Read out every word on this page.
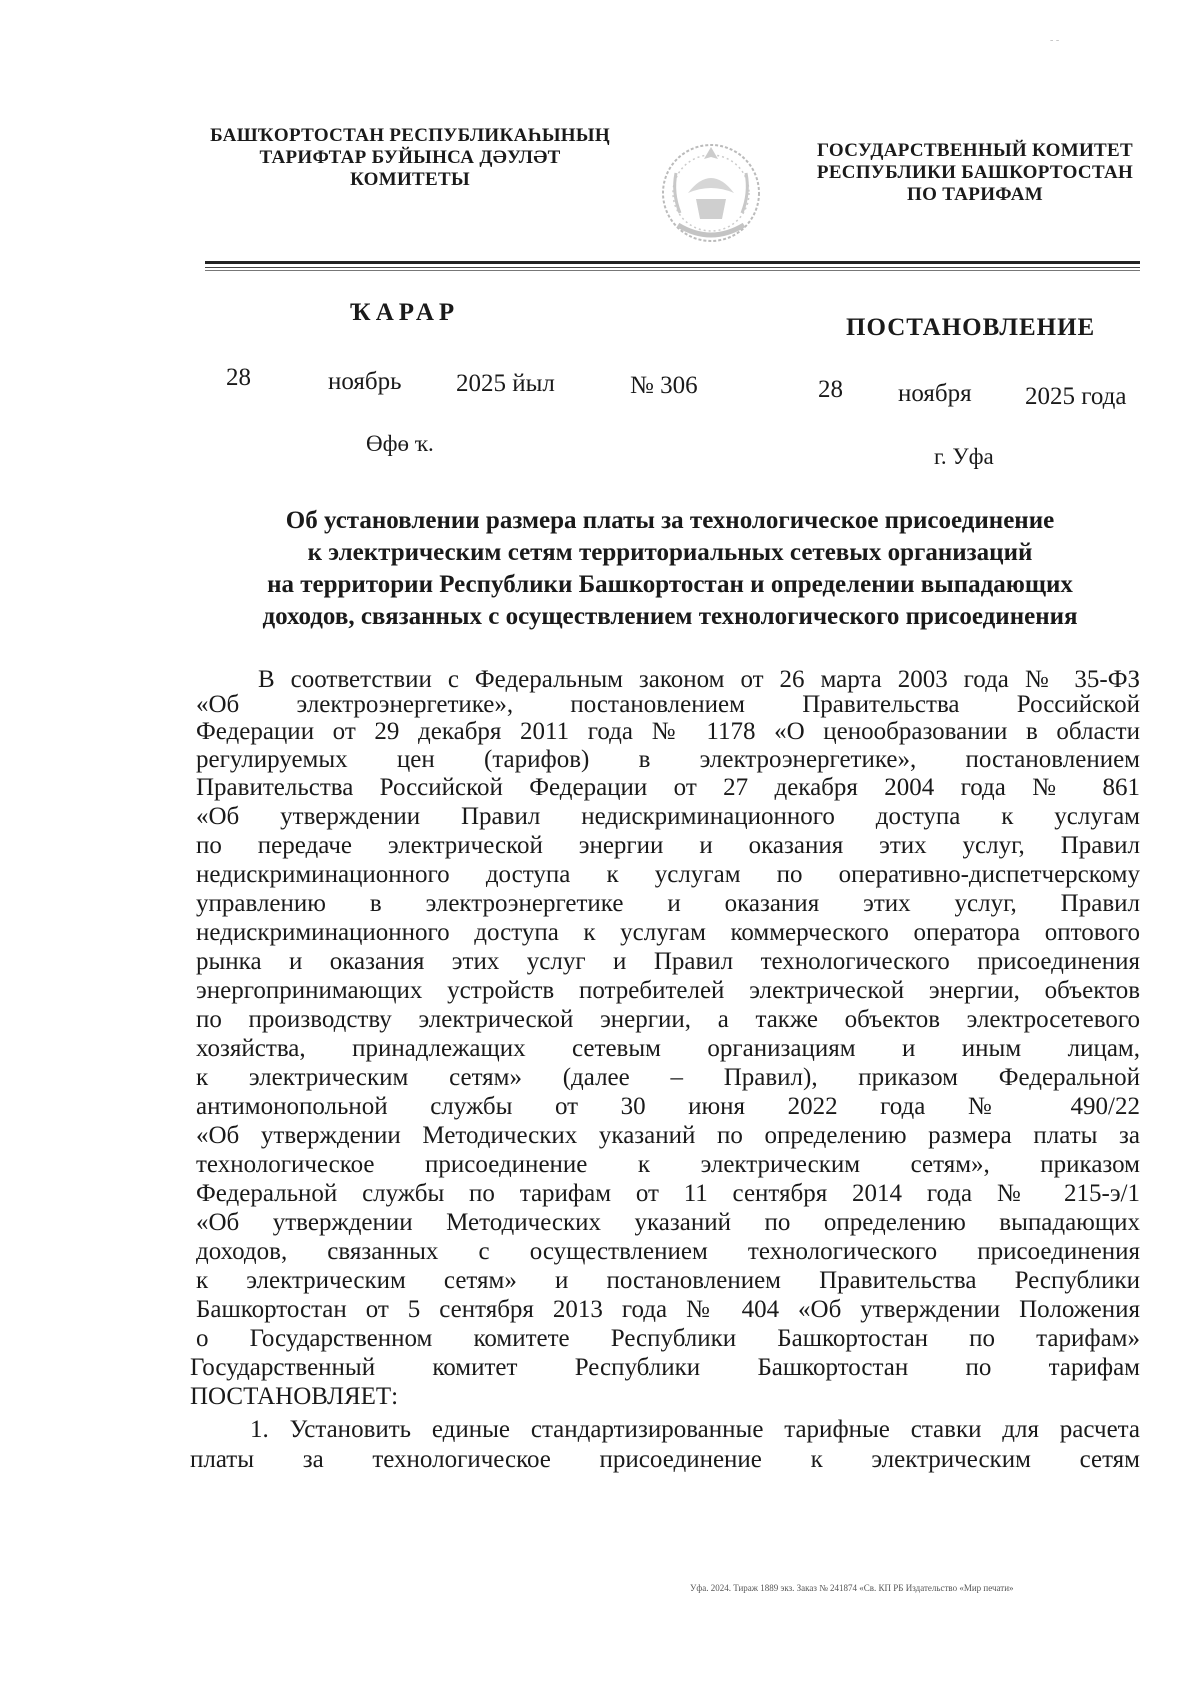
- -
БАШҠОРТОСТАН РЕСПУБЛИКАҺЫНЫҢ
ТАРИФТАР БУЙЫНСА ДӘУЛӘТ
КОМИТЕТЫ
ГОСУДАРСТВЕННЫЙ КОМИТЕТ
РЕСПУБЛИКИ БАШКОРТОСТАН
ПО ТАРИФАМ
ҠАРАР
ПОСТАНОВЛЕНИЕ
28	ноябрь 2025 йыл	№ 306	28 ноября 2025 года
Өфө ҡ.
г. Уфа
Об установлении размера платы за технологическое присоединение
к электрическим сетям территориальных сетевых организаций
на территории Республики Башкортостан и определении выпадающих
доходов, связанных с осуществлением технологического присоединения
В соответствии с Федеральным законом от 26 марта 2003 года № 35-ФЗ
«Об электроэнергетике», постановлением Правительства Российской
Федерации от 29 декабря 2011 года № 1178 «О ценообразовании в области
регулируемых цен (тарифов) в электроэнергетике», постановлением
Правительства Российской Федерации от 27 декабря 2004 года № 861
«Об утверждении Правил недискриминационного доступа к услугам
по передаче электрической энергии и оказания этих услуг, Правил
недискриминационного доступа к услугам по оперативно-диспетчерскому
управлению в электроэнергетике и оказания этих услуг, Правил
недискриминационного доступа к услугам коммерческого оператора оптового
рынка и оказания этих услуг и Правил технологического присоединения
энергопринимающих устройств потребителей электрической энергии, объектов
по производству электрической энергии, а также объектов электросетевого
хозяйства, принадлежащих сетевым организациям и иным лицам,
к электрическим сетям» (далее – Правил), приказом Федеральной
антимонопольной службы от 30 июня 2022 года № 490/22
«Об утверждении Методических указаний по определению размера платы за
технологическое присоединение к электрическим сетям», приказом
Федеральной службы по тарифам от 11 сентября 2014 года № 215-э/1
«Об утверждении Методических указаний по определению выпадающих
доходов, связанных с осуществлением технологического присоединения
к электрическим сетям» и постановлением Правительства Республики
Башкортостан от 5 сентября 2013 года № 404 «Об утверждении Положения
о Государственном комитете Республики Башкортостан по тарифам»
Государственный комитет Республики Башкортостан по тарифам
ПОСТАНОВЛЯЕТ:
1. Установить единые стандартизированные тарифные ставки для расчета
платы за технологическое присоединение к электрическим сетям
Уфа. 2024. Тираж 1889 экз. Заказ № 241874 «Св. КП РБ Издательство «Мир печати»
